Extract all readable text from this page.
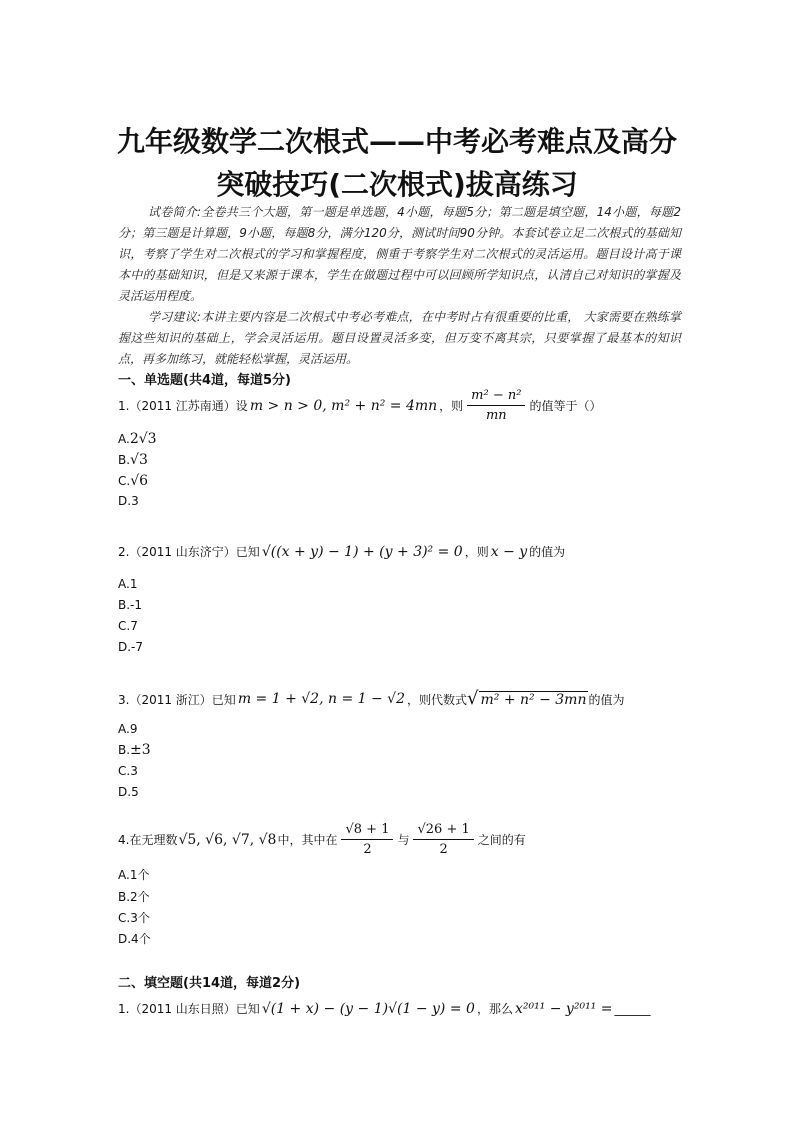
九年级数学二次根式——中考必考难点及高分
突破技巧(二次根式)拔高练习

试卷简介:全卷共三个大题，第一题是单选题，4小题，每题5分；第二题是填空题，14小题，每题2分；第三题是计算题，9小题，每题8分，满分120分，测试时间90分钟。本套试卷立足二次根式的基础知识，考察了学生对二次根式的学习和掌握程度，侧重于考察学生对二次根式的灵活运用。题目设计高于课本中的基础知识，但是又来源于课本，学生在做题过程中可以回顾所学知识点，认清自己对知识的掌握及灵活运用程度。

学习建议:本讲主要内容是二次根式中考必考难点，在中考时占有很重要的比重， 大家需要在熟练掌握这些知识的基础上，学会灵活运用。题目设置灵活多变，但万变不离其宗，只要掌握了最基本的知识点，再多加练习，就能轻松掌握，灵活运用。

一、单选题(共4道，每道5分)
1.（2011 江苏南通）设 m > n > 0, m² + n² = 4mn ，则 $\frac{\text{m² − n²}}{mn}$ 的值等于（）
A. 2√3
B. √3
C. √6
D. 3
2.（2011 山东济宁）已知 √((x + y) − 1) + (y + 3)² = 0 ，则 x − y 的值为
A.1
B.-1
C.7
D.-7
3.（2011 浙江）已知 m = 1 + √2, n = 1 − √2 ，则代数式 √ m² + n² − 3mn 的值为
A. 9
B. ±3
C. 3
D. 5
4.在无理数 √5, √6, √7, √8 中，其中在 $\frac{√8 + 1}{2}$ 与 $\frac{√26 + 1}{2}$ 之间的有
A.1个
B.2个
C.3个
D.4个
二、填空题(共14道，每道2分)
1.（2011 山东日照）已知 √(1 + x) − (y − 1)√(1 − y) = 0 ，那么 x²⁰¹¹ − y²⁰¹¹ = ______
